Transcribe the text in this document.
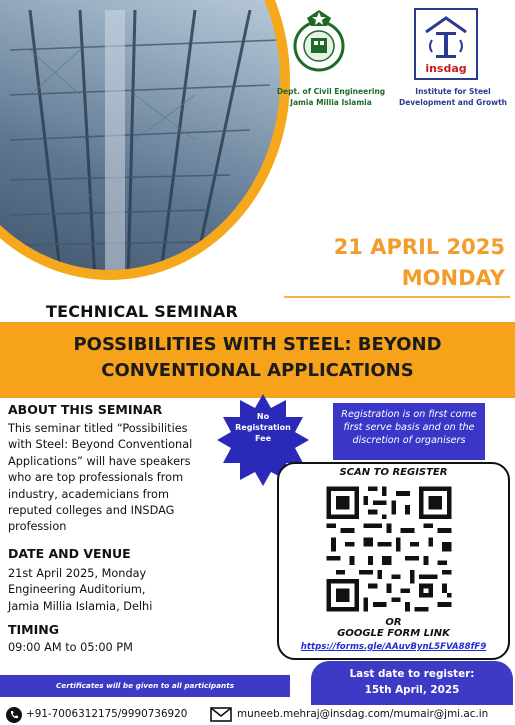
Dept. of Civil Engineering
Jamia Millia Islamia
insdag
Institute for Steel
Development and Growth
21 APRIL 2025
MONDAY
TECHNICAL SEMINAR
POSSIBILITIES WITH STEEL: BEYOND
CONVENTIONAL APPLICATIONS
ABOUT THIS SEMINAR
This seminar titled “Possibilities
with Steel: Beyond Conventional
Applications” will have speakers
who are top professionals from
industry, academicians from
reputed colleges and INSDAG
profession
DATE AND VENUE
21st April 2025, Monday
Engineering Auditorium,
Jamia Millia Islamia, Delhi
TIMING
09:00 AM to 05:00 PM
No
Registration
Fee
Registration is on first come
first serve basis and on the
discretion of organisers
SCAN TO REGISTER
OR
GOOGLE FORM LINK
https://forms.gle/AAuvBynL5FVA88fF9
Certificates will be given to all participants
Last date to register:
15th April, 2025
+91-7006312175/9990736920	muneeb.mehraj@insdag.com/mumair@jmi.ac.in
